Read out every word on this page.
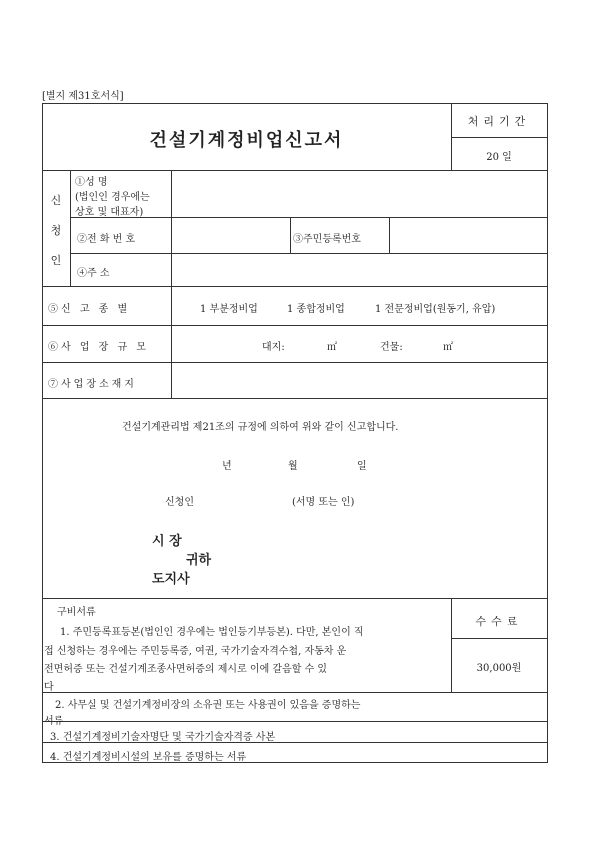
[별지 제31호서식]
건설기계정비업신고서
처리기간
20 일
신
청
인
①성 명
(법인인 경우에는
상호 및 대표자)
②전 화 번 호	③주민등록번호
④주 소
⑤신 고 종 별	1 부분정비업	1 종합정비업	1 전문정비업(원동기, 유압)
⑥사 업 장 규 모	대지:	㎡	건물:	㎡
⑦사업장소재지
건설기계관리법 제21조의 규정에 의하여 위와 같이 신고합니다.
년	월	일
신청인	(서명 또는 인)
시 장
귀하
도지사
구비서류
1. 주민등록표등본(법인인 경우에는 법인등기부등본). 다만, 본인이 직
접 신청하는 경우에는 주민등록증, 여권, 국가기술자격수첩, 자동차 운
전면허증 또는 건설기계조종사면허증의 제시로 이에 갈음할 수 있
다
2. 사무실 및 건설기계정비장의 소유권 또는 사용권이 있음을 증명하는
서류
3. 건설기계정비기술자명단 및 국가기술자격증 사본
4. 건설기계정비시설의 보유를 증명하는 서류
수수료
30,000원
